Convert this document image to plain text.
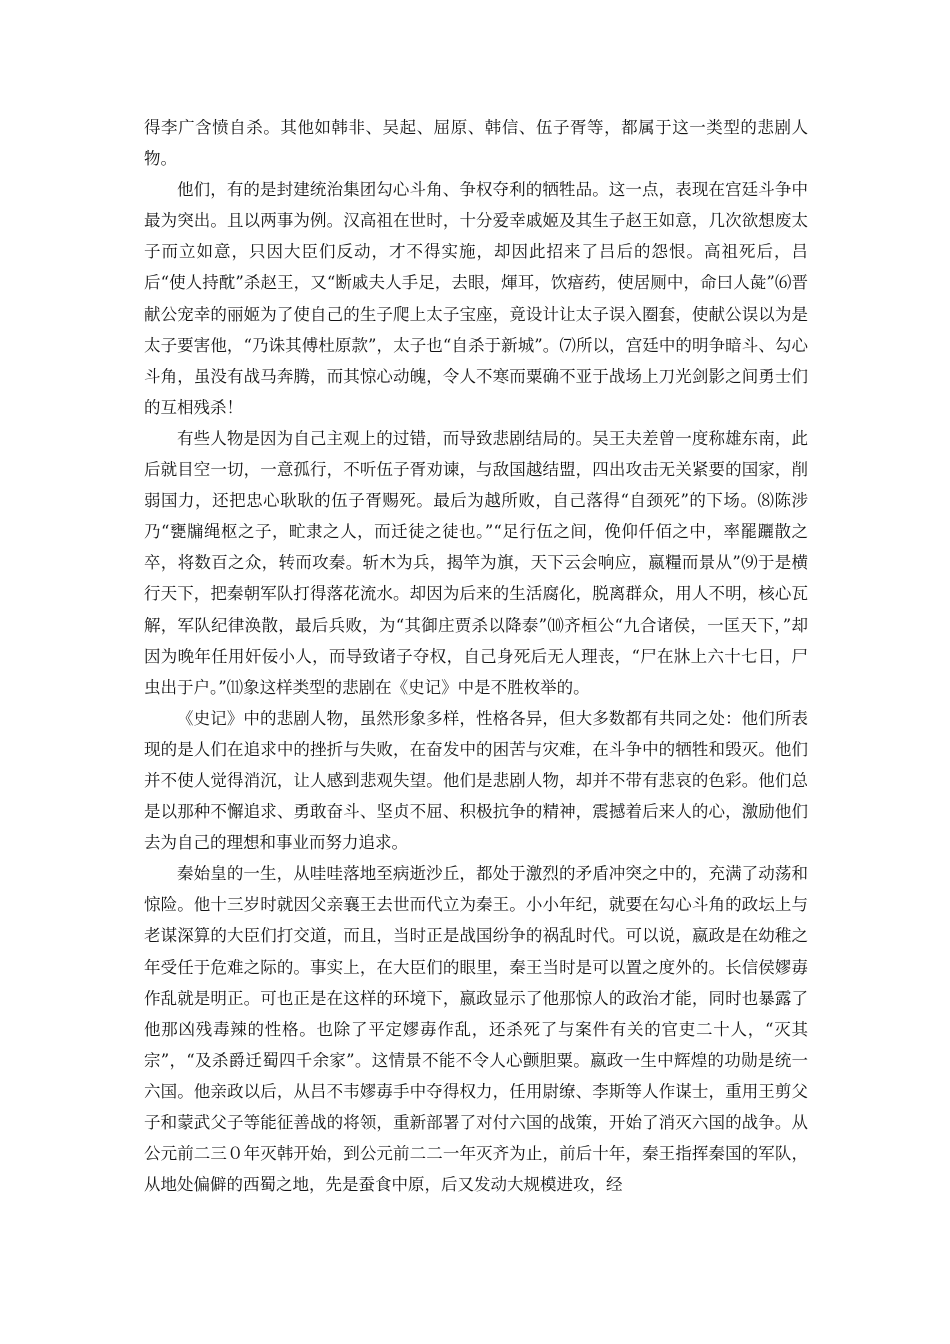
得李广含愤自杀。其他如韩非、吴起、屈原、韩信、伍子胥等，都属于这一类型的悲剧人物。

他们，有的是封建统治集团勾心斗角、争权夺利的牺牲品。这一点，表现在宫廷斗争中最为突出。且以两事为例。汉高祖在世时，十分爱幸戚姬及其生子赵王如意，几次欲想废太子而立如意，只因大臣们反动，才不得实施，却因此招来了吕后的怨恨。高祖死后，吕后“使人持酖”杀赵王，又“断戚夫人手足，去眼，煇耳，饮瘖药，使居厕中，命曰人彘”⑹晋献公宠幸的丽姬为了使自己的生子爬上太子宝座，竟设计让太子误入圈套，使献公误以为是太子要害他，“乃诛其傅杜原款”，太子也“自杀于新城”。⑺所以，宫廷中的明争暗斗、勾心斗角，虽没有战马奔腾，而其惊心动魄，令人不寒而粟确不亚于战场上刀光剑影之间勇士们的互相残杀！

有些人物是因为自己主观上的过错，而导致悲剧结局的。吴王夫差曾一度称雄东南，此后就目空一切，一意孤行，不听伍子胥劝谏，与敌国越结盟，四出攻击无关紧要的国家，削弱国力，还把忠心耿耿的伍子胥赐死。最后为越所败，自己落得“自颈死”的下场。⑻陈涉乃“甕牖绳枢之子，甿隶之人，而迁徒之徒也。”“足行伍之间，俛仰仟佰之中，率罷躧散之卒，将数百之众，转而攻秦。斩木为兵，揭竿为旗，天下云会响应，嬴糧而景从”⑼于是横行天下，把秦朝军队打得落花流水。却因为后来的生活腐化，脱离群众，用人不明，核心瓦解，军队纪律涣散，最后兵败，为“其御庄贾杀以降泰”⑽齐桓公“九合诸侯，一匡天下，”却因为晚年任用奸佞小人，而导致诸子夺权，自己身死后无人理丧，“尸在牀上六十七日，尸虫出于户。”⑾象这样类型的悲剧在《史记》中是不胜枚举的。

《史记》中的悲剧人物，虽然形象多样，性格各异，但大多数都有共同之处：他们所表现的是人们在追求中的挫折与失败，在奋发中的困苦与灾难，在斗争中的牺牲和毁灭。他们并不使人觉得消沉，让人感到悲观失望。他们是悲剧人物，却并不带有悲哀的色彩。他们总是以那种不懈追求、勇敢奋斗、坚贞不屈、积极抗争的精神，震撼着后来人的心，激励他们去为自己的理想和事业而努力追求。

秦始皇的一生，从哇哇落地至病逝沙丘，都处于激烈的矛盾冲突之中的，充满了动荡和惊险。他十三岁时就因父亲襄王去世而代立为秦王。小小年纪，就要在勾心斗角的政坛上与老谋深算的大臣们打交道，而且，当时正是战国纷争的祸乱时代。可以说，嬴政是在幼稚之年受任于危难之际的。事实上，在大臣们的眼里，秦王当时是可以置之度外的。长信侯嫪毐作乱就是明正。可也正是在这样的环境下，嬴政显示了他那惊人的政治才能，同时也暴露了他那凶残毒辣的性格。也除了平定嫪毐作乱，还杀死了与案件有关的官吏二十人，“灭其宗”，“及杀爵迁蜀四千余家”。这情景不能不令人心颤胆粟。嬴政一生中辉煌的功勋是统一六国。他亲政以后，从吕不韦嫪毐手中夺得权力，任用尉缭、李斯等人作谋士，重用王剪父子和蒙武父子等能征善战的将领，重新部署了对付六国的战策，开始了消灭六国的战争。从公元前二三０年灭韩开始，到公元前二二一年灭齐为止，前后十年，秦王指挥秦国的军队，从地处偏僻的西蜀之地，先是蚕食中原，后又发动大规模进攻，经
